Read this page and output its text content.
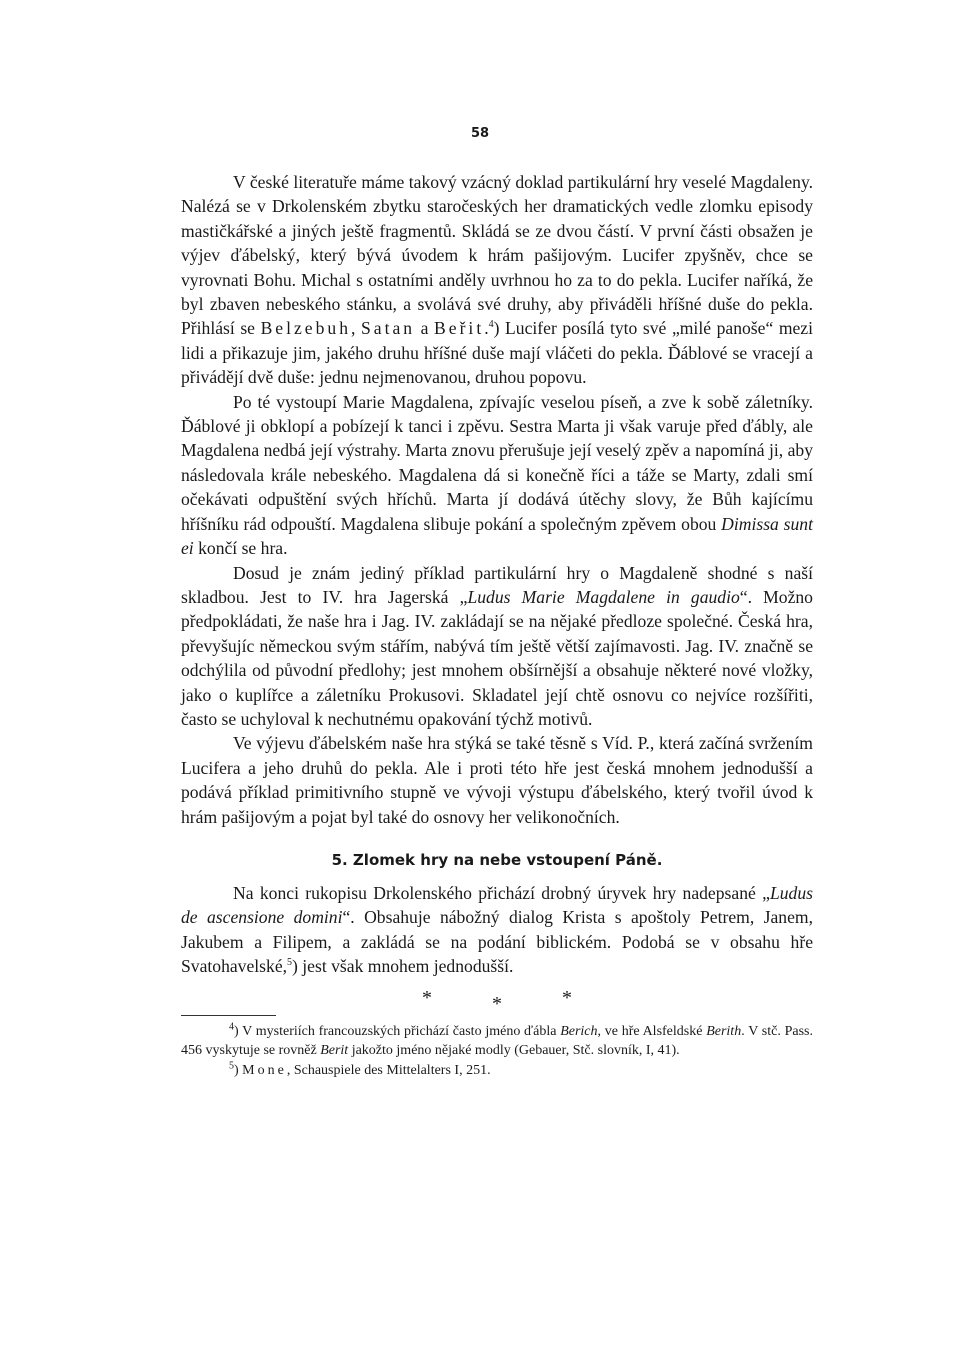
58

V české literatuře máme takový vzácný doklad partikulární hry veselé Magdaleny. Nalézá se v Drkolenském zbytku staročeských her dramatických vedle zlomku episody mastičkářské a jiných ještě fragmentů. Skládá se ze dvou částí. V první části obsažen je výjev ďábelský, který bývá úvodem k hrám pašijovým. Lucifer zpyšněv, chce se vyrovnati Bohu. Michal s ostatními anděly uvrhnou ho za to do pekla. Lucifer naříká, že byl zbaven nebeského stánku, a svolává své druhy, aby přiváděli hříšné duše do pekla. Přihlásí se Belzebuh, Satan a Beřit.$^4$) Lucifer posílá tyto své „milé panoše“ mezi lidi a přikazuje jim, jakého druhu hříšné duše mají vláčeti do pekla. Ďáblové se vracejí a přivádějí dvě duše: jednu nejmenovanou, druhou popovu.

Po té vystoupí Marie Magdalena, zpívajíc veselou píseň, a zve k sobě záletníky. Ďáblové ji obklopí a pobízejí k tanci i zpěvu. Sestra Marta ji však varuje před ďábly, ale Magdalena nedbá její výstrahy. Marta znovu přerušuje její veselý zpěv a napomíná ji, aby následovala krále nebeského. Magdalena dá si konečně říci a táže se Marty, zdali smí očekávati odpuštění svých hříchů. Marta jí dodává útěchy slovy, že Bůh kajícímu hříšníku rád odpouští. Magdalena slibuje pokání a společným zpěvem obou Dimissa sunt ei končí se hra.

Dosud je znám jediný příklad partikulární hry o Magdaleně shodné s naší skladbou. Jest to IV. hra Jagerská „Ludus Marie Magdalene in gaudio“. Možno předpokládati, že naše hra i Jag. IV. zakládají se na nějaké předloze společné. Česká hra, převyšujíc německou svým stářím, nabývá tím ještě větší zajímavosti. Jag. IV. značně se odchýlila od původní předlohy; jest mnohem obšírnější a obsahuje některé nové vložky, jako o kuplířce a záletníku Prokusovi. Skladatel její chtě osnovu co nejvíce rozšířiti, často se uchyloval k nechutnému opakování týchž motivů.

Ve výjevu ďábelském naše hra stýká se také těsně s Víd. P., která začíná svržením Lucifera a jeho druhů do pekla. Ale i proti této hře jest česká mnohem jednodušší a podává příklad primitivního stupně ve vývoji výstupu ďábelského, který tvořil úvod k hrám pašijovým a pojat byl také do osnovy her velikonočních.

5. Zlomek hry na nebe vstoupení Páně.

Na konci rukopisu Drkolenského přichází drobný úryvek hry nadepsané „Ludus de ascensione domini“. Obsahuje nábožný dialog Krista s apoštoly Petrem, Janem, Jakubem a Filipem, a zakládá se na podání biblickém. Podobá se v obsahu hře Svatohavelské,$^5$) jest však mnohem jednodušší.

*	*	*

$^4$) V mysteriích francouzských přichází často jméno ďábla Berich, ve hře Alsfeldské Berith. V stč. Pass. 456 vyskytuje se rovněž Berit jakožto jméno nějaké modly (Gebauer, Stč. slovník, I, 41).

$^5$) Mone, Schauspiele des Mittelalters I, 251.
